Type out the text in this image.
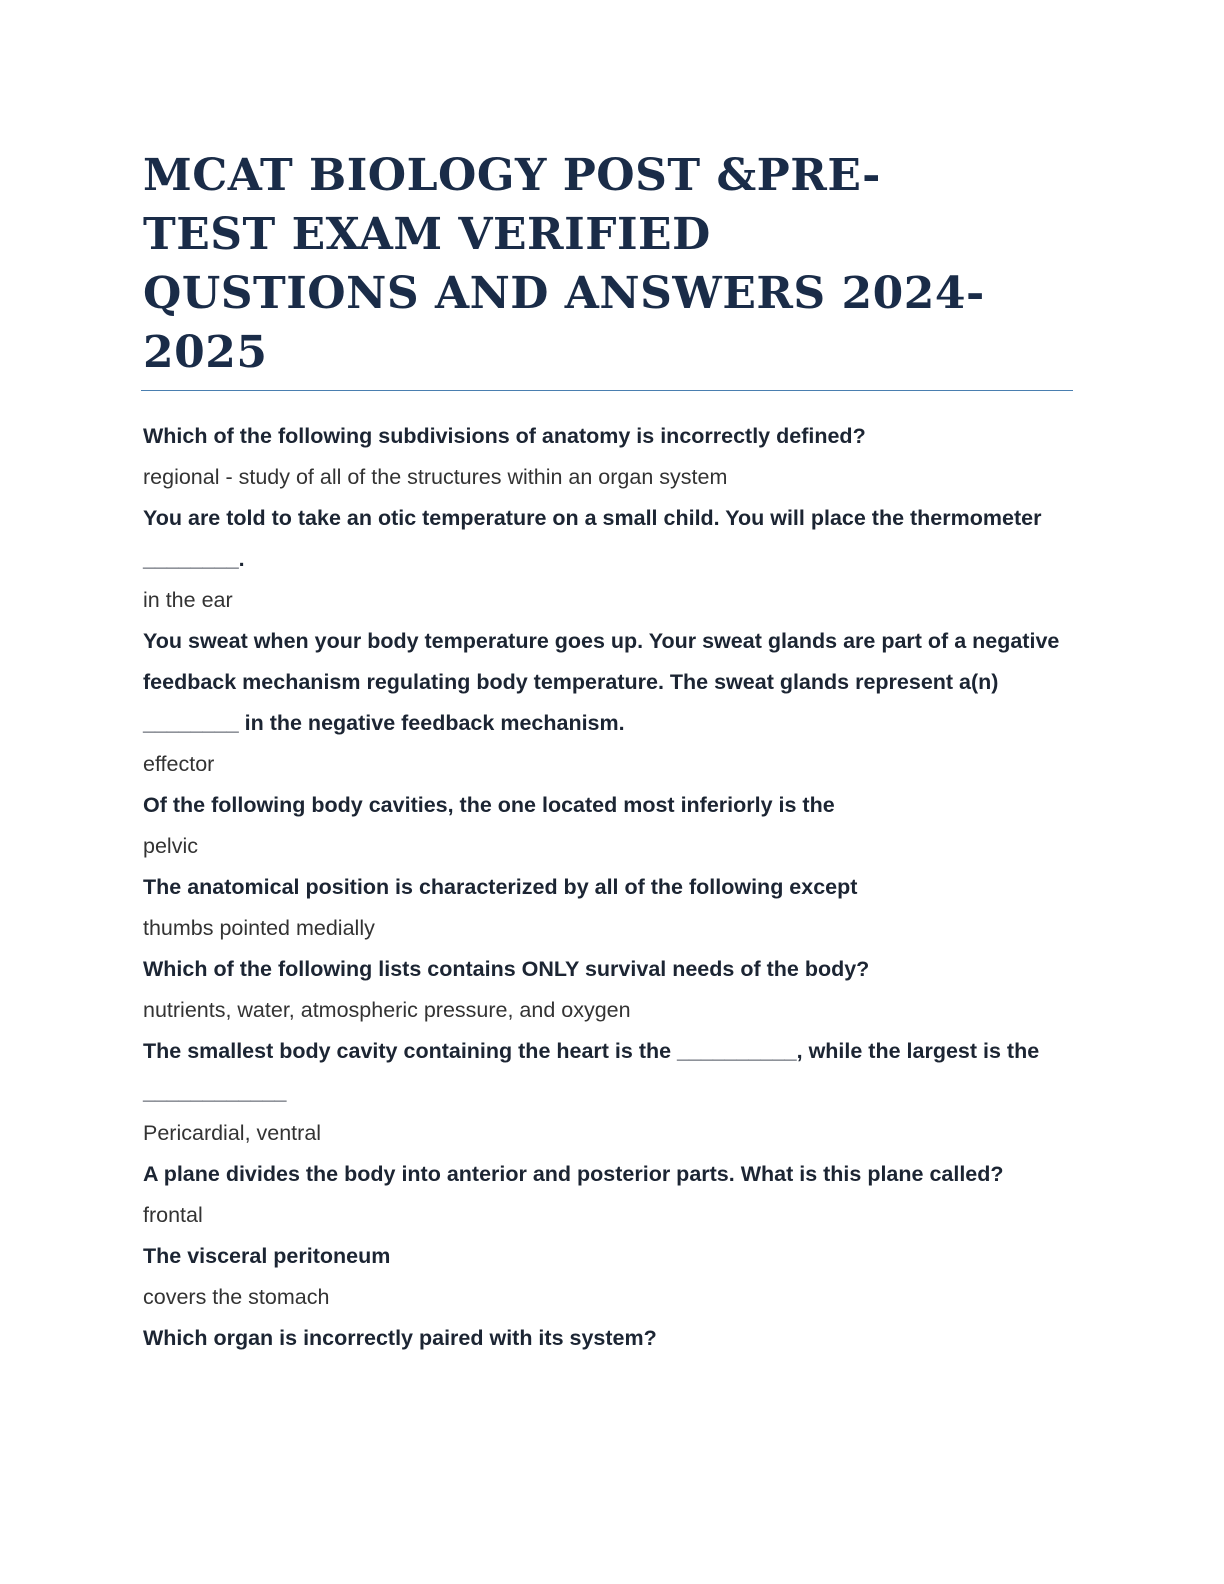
MCAT BIOLOGY POST &PRE-
TEST EXAM VERIFIED
QUSTIONS AND ANSWERS 2024-
2025

Which of the following subdivisions of anatomy is incorrectly defined?

regional - study of all of the structures within an organ system

You are told to take an otic temperature on a small child. You will place the thermometer ________.

in the ear

You sweat when your body temperature goes up. Your sweat glands are part of a negative feedback mechanism regulating body temperature. The sweat glands represent a(n) ________ in the negative feedback mechanism.

effector

Of the following body cavities, the one located most inferiorly is the

pelvic

The anatomical position is characterized by all of the following except

thumbs pointed medially

Which of the following lists contains ONLY survival needs of the body?

nutrients, water, atmospheric pressure, and oxygen

The smallest body cavity containing the heart is the __________, while the largest is the ____________

Pericardial, ventral

A plane divides the body into anterior and posterior parts. What is this plane called?

frontal

The visceral peritoneum

covers the stomach

Which organ is incorrectly paired with its system?
